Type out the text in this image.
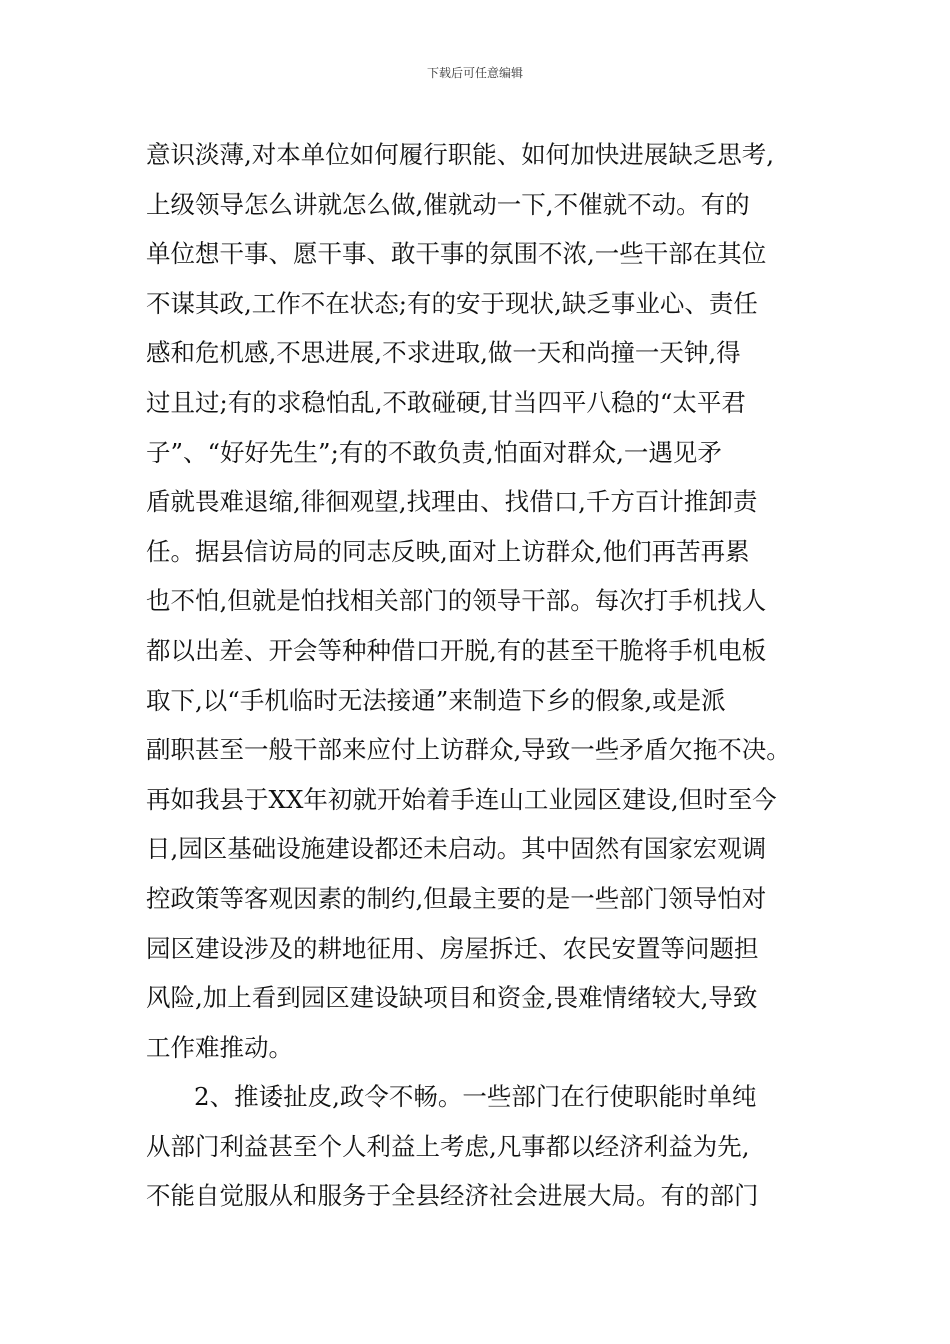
下载后可任意编辑
意识淡薄,对本单位如何履行职能、如何加快进展缺乏思考,
上级领导怎么讲就怎么做,催就动一下,不催就不动。有的
单位想干事、愿干事、敢干事的氛围不浓,一些干部在其位
不谋其政,工作不在状态;有的安于现状,缺乏事业心、责任
感和危机感,不思进展,不求进取,做一天和尚撞一天钟,得
过且过;有的求稳怕乱,不敢碰硬,甘当四平八稳的“太平君
子”、“好好先生”;有的不敢负责,怕面对群众,一遇见矛
盾就畏难退缩,徘徊观望,找理由、找借口,千方百计推卸责
任。据县信访局的同志反映,面对上访群众,他们再苦再累
也不怕,但就是怕找相关部门的领导干部。每次打手机找人
都以出差、开会等种种借口开脱,有的甚至干脆将手机电板
取下,以“手机临时无法接通”来制造下乡的假象,或是派
副职甚至一般干部来应付上访群众,导致一些矛盾欠拖不决。
再如我县于XX年初就开始着手连山工业园区建设,但时至今
日,园区基础设施建设都还未启动。其中固然有国家宏观调
控政策等客观因素的制约,但最主要的是一些部门领导怕对
园区建设涉及的耕地征用、房屋拆迁、农民安置等问题担
风险,加上看到园区建设缺项目和资金,畏难情绪较大,导致
工作难推动。
2、推诿扯皮,政令不畅。一些部门在行使职能时单纯
从部门利益甚至个人利益上考虑,凡事都以经济利益为先,
不能自觉服从和服务于全县经济社会进展大局。有的部门
